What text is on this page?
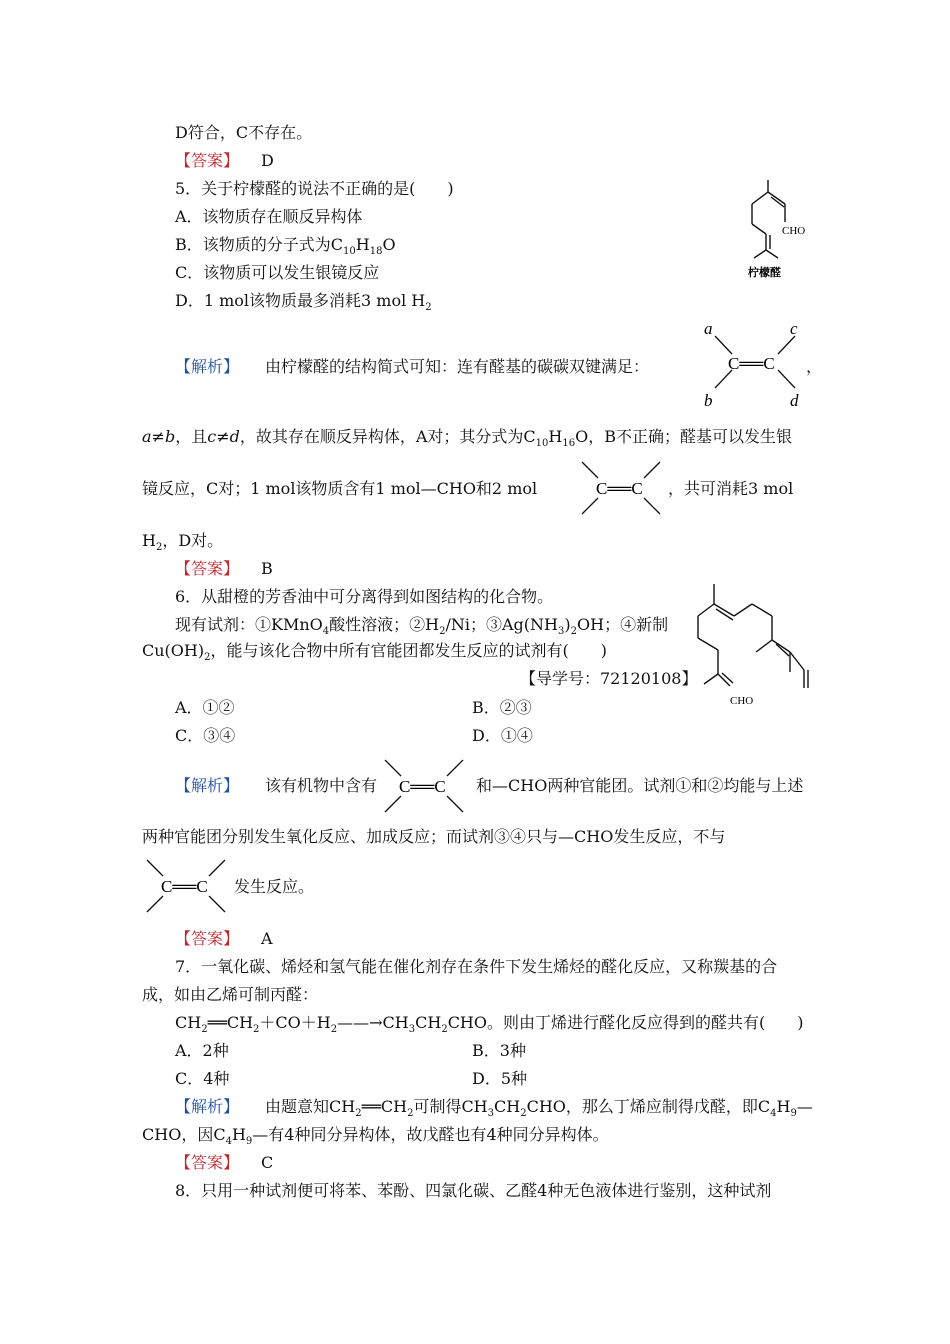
D符合，C不存在。
【答案】 D
5．关于柠檬醛的说法不正确的是(　　)
A．该物质存在顺反异构体
B．该物质的分子式为$C_{10}H_{18}O$
C．该物质可以发生银镜反应
D．1 mol该物质最多消耗3 mol $H_2$
CHO
柠檬醛
【解析】 由柠檬醛的结构简式可知：连有醛基的碳碳双键满足：
a	c
b	d
C══C ，
a≠b，且c≠d，故其存在顺反异构体，A对；其分式为$C_{10}H_{16}O$，B不正确；醛基可以发生银
镜反应，C对；1 mol该物质含有1 mol—CHO和2 mol	C══C ，共可消耗3 mol
$H_2$，D对。
【答案】 B
6．从甜橙的芳香油中可分离得到如图结构的化合物。
现有试剂：①KMnO$_4$酸性溶液；$②H_2/Ni$；$③Ag(NH_3)_2OH$；④新制
$Cu(OH)_2$，能与该化合物中所有官能团都发生反应的试剂有(　　)
【导学号：72120108】
A．①②	B．②③
C．③④	D．①④
CHO
【解析】 该有机物中含有 C══C 和—CHO两种官能团。试剂①和②均能与上述
两种官能团分别发生氧化反应、加成反应；而试剂③④只与—CHO发生反应，不与
C══C 发生反应。
【答案】 A
7．一氧化碳、烯烃和氢气能在催化剂存在条件下发生烯烃的醛化反应，又称羰基的合
成，如由乙烯可制丙醛：
$CH_2══CH_2+CO+H_2——\to CH_3CH_2CHO$。则由丁烯进行醛化反应得到的醛共有(　　)
A．2种	B．3种
C．4种	D．5种
【解析】 由题意知$CH_2══CH_2$可制得$CH_3CH_2CHO$，那么丁烯应制得戊醛，即$C_4H_9—$
CHO，因$C_4H_9—$有4种同分异构体，故戊醛也有4种同分异构体。
【答案】 C
8．只用一种试剂便可将苯、苯酚、四氯化碳、乙醛4种无色液体进行鉴别，这种试剂
